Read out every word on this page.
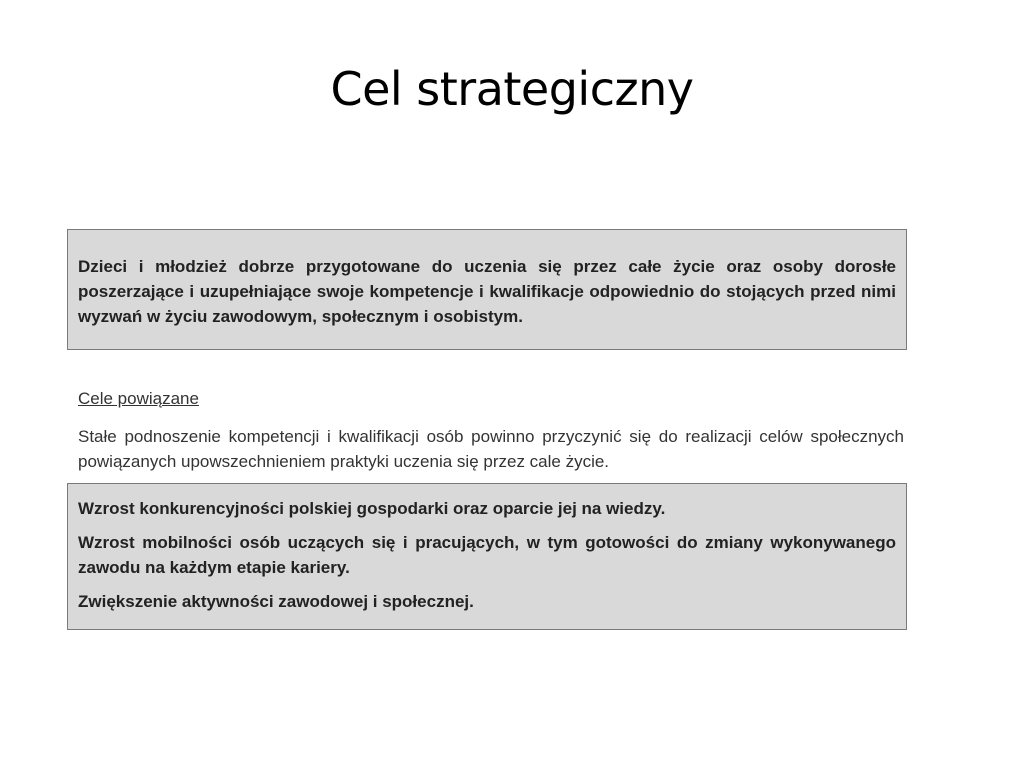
Cel strategiczny

Dzieci i młodzież dobrze przygotowane do uczenia się przez całe życie oraz osoby dorosłe poszerzające i uzupełniające swoje kompetencje i kwalifikacje odpowiednio do stojących przed nimi wyzwań w życiu zawodowym, społecznym i osobistym.

Cele powiązane

Stałe podnoszenie kompetencji i kwalifikacji osób powinno przyczynić się do realizacji celów społecznych powiązanych upowszechnieniem praktyki uczenia się przez cale życie.

Wzrost konkurencyjności polskiej gospodarki oraz oparcie jej na wiedzy.

Wzrost mobilności osób uczących się i pracujących, w tym gotowości do zmiany wykonywanego zawodu na każdym etapie kariery.

Zwiększenie aktywności zawodowej i społecznej.
